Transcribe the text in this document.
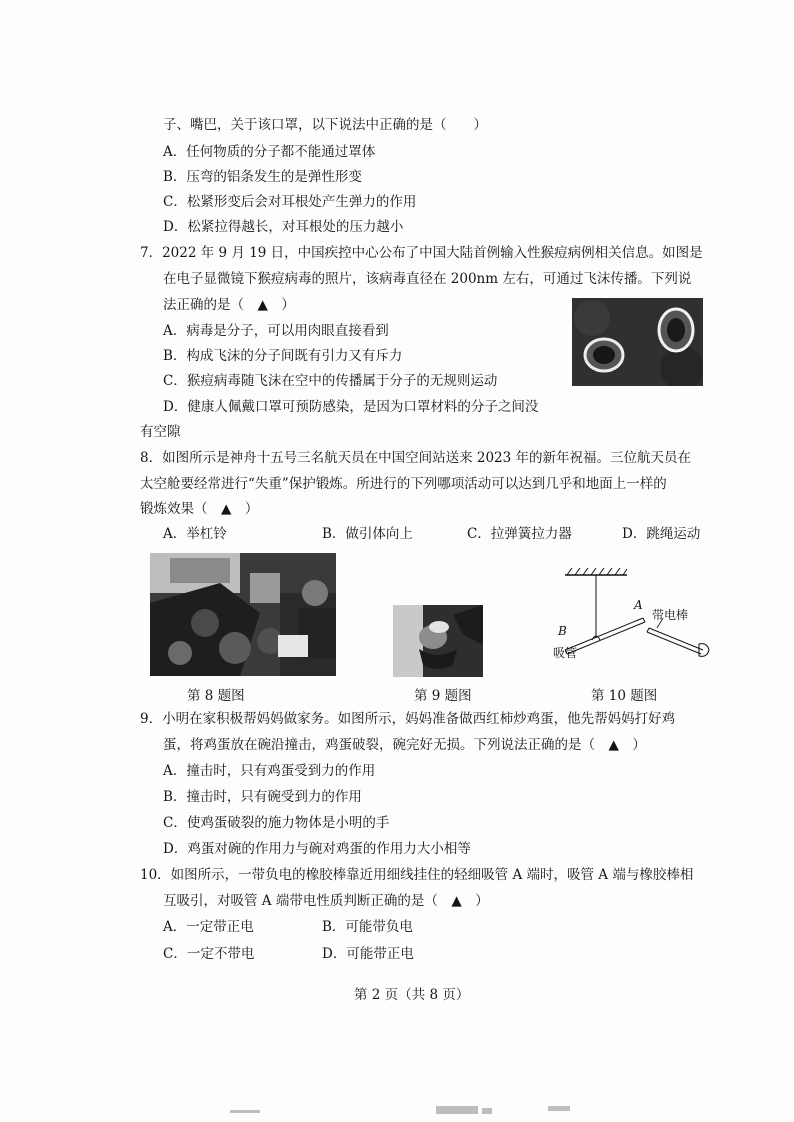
子、嘴巴，关于该口罩，以下说法中正确的是（　　）
A．任何物质的分子都不能通过罩体
B．压弯的铝条发生的是弹性形变
C．松紧形变后会对耳根处产生弹力的作用
D．松紧拉得越长，对耳根处的压力越小
7．2022 年 9 月 19 日，中国疾控中心公布了中国大陆首例输入性猴痘病例相关信息。如图是
在电子显微镜下猴痘病毒的照片，该病毒直径在 200nm 左右，可通过飞沫传播。下列说
法正确的是（　▲　）
A．病毒是分子，可以用肉眼直接看到
B．构成飞沫的分子间既有引力又有斥力
C．猴痘病毒随飞沫在空中的传播属于分子的无规则运动
D．健康人佩戴口罩可预防感染，是因为口罩材料的分子之间没
有空隙
8．如图所示是神舟十五号三名航天员在中国空间站送来 2023 年的新年祝福。三位航天员在
太空舱要经常进行“失重”保护锻炼。所进行的下列哪项活动可以达到几乎和地面上一样的
锻炼效果（　▲　）
A．举杠铃	B．做引体向上	C．拉弹簧拉力器	D．跳绳运动
B
A
吸管
带电棒
第 8 题图	第 9 题图	第 10 题图
9．小明在家积极帮妈妈做家务。如图所示，妈妈准备做西红柿炒鸡蛋，他先帮妈妈打好鸡
蛋，将鸡蛋放在碗沿撞击，鸡蛋破裂，碗完好无损。下列说法正确的是（　▲　）
A．撞击时，只有鸡蛋受到力的作用
B．撞击时，只有碗受到力的作用
C．使鸡蛋破裂的施力物体是小明的手
D．鸡蛋对碗的作用力与碗对鸡蛋的作用力大小相等
10．如图所示，一带负电的橡胶棒靠近用细线挂住的轻细吸管 A 端时，吸管 A 端与橡胶棒相
互吸引，对吸管 A 端带电性质判断正确的是（　▲　）
A．一定带正电	B．可能带负电
C．一定不带电	D．可能带正电
第 2 页（共 8 页）
